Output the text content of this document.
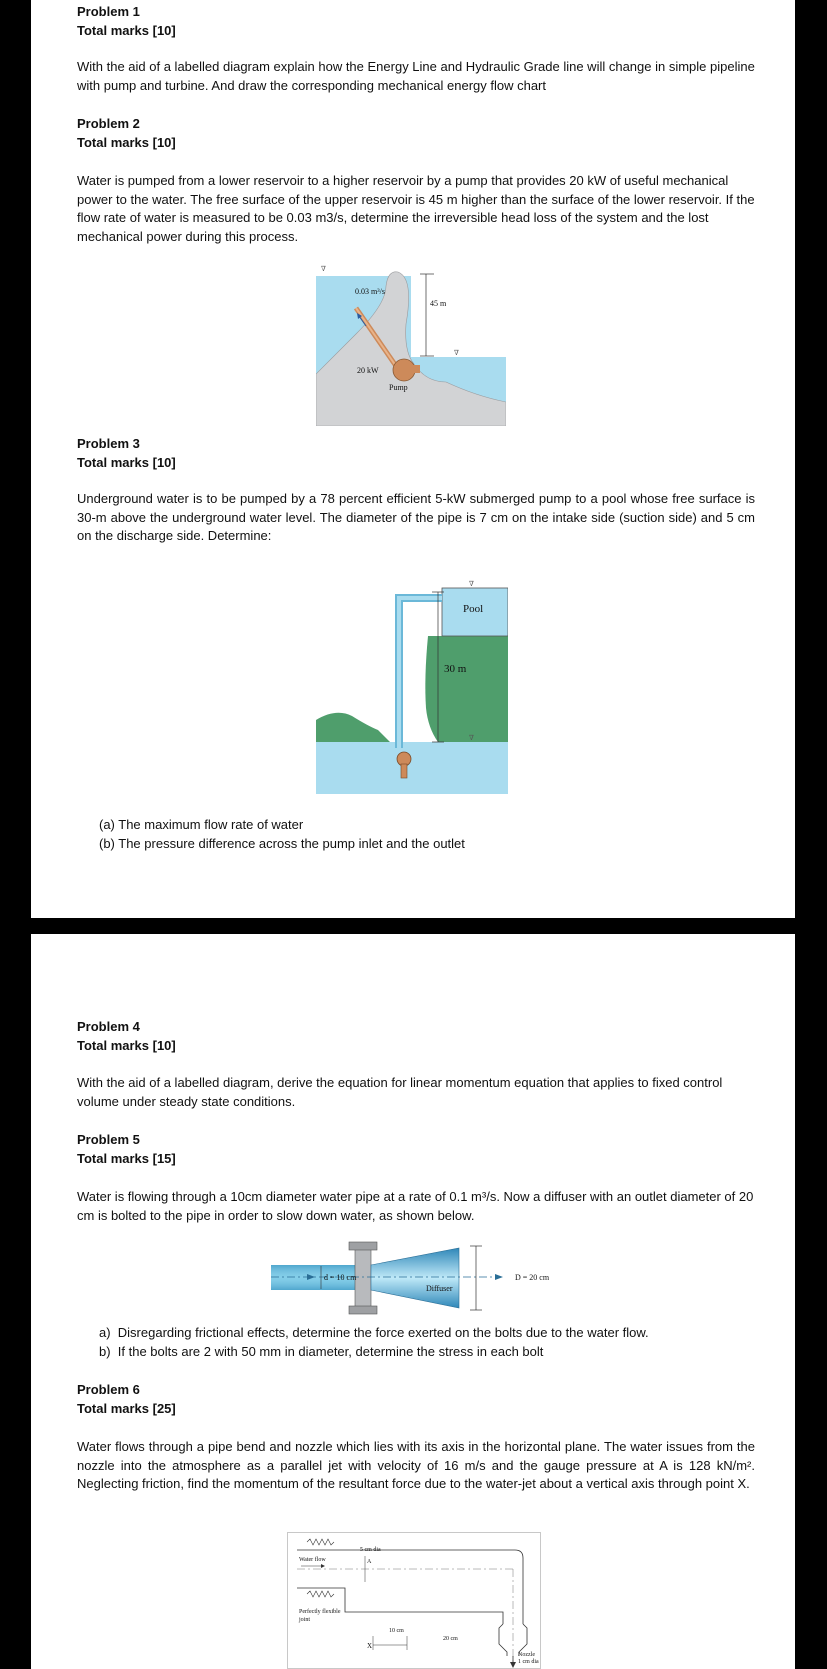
Problem 1
Total marks [10]
With the aid of a labelled diagram explain how the Energy Line and Hydraulic Grade line will change in simple pipeline with pump and turbine. And draw the corresponding mechanical energy flow chart
Problem 2
Total marks [10]
Water is pumped from a lower reservoir to a higher reservoir by a pump that provides 20 kW of useful mechanical power to the water. The free surface of the upper reservoir is 45 m higher than the surface of the lower reservoir. If the flow rate of water is measured to be 0.03 m3/s, determine the irreversible head loss of the system and the lost mechanical power during this process.
∇
∇
0.03 m³/s
45 m
20 kW
Pump
Problem 3
Total marks [10]
Underground water is to be pumped by a 78 percent efficient 5-kW submerged pump to a pool whose free surface is 30-m above the underground water level. The diameter of the pipe is 7 cm on the intake side (suction side) and 5 cm on the discharge side. Determine:
∇
∇
Pool
30 m
(a) The maximum flow rate of water
(b) The pressure difference across the pump inlet and the outlet
Problem 4
Total marks [10]
With the aid of a labelled diagram, derive the equation for linear momentum equation that applies to fixed control volume under steady state conditions.
Problem 5
Total marks [15]
Water is flowing through a 10cm diameter water pipe at a rate of 0.1 m³/s. Now a diffuser with an outlet diameter of 20 cm is bolted to the pipe in order to slow down water, as shown below.
d = 10 cm
Diffuser
D = 20 cm
a)  Disregarding frictional effects, determine the force exerted on the bolts due to the water flow.
b)  If the bolts are 2 with 50 mm in diameter, determine the stress in each bolt
Problem 6
Total marks [25]
Water flows through a pipe bend and nozzle which lies with its axis in the horizontal plane. The water issues from the nozzle into the atmosphere as a parallel jet with velocity of 16 m/s and the gauge pressure at A is 128 kN/m². Neglecting friction, find the momentum of the resultant force due to the water-jet about a vertical axis through point X.
X
Water flow
5 cm dia
A
Perfectly flexible
joint
10 cm
20 cm
Nozzle
1 cm dia
